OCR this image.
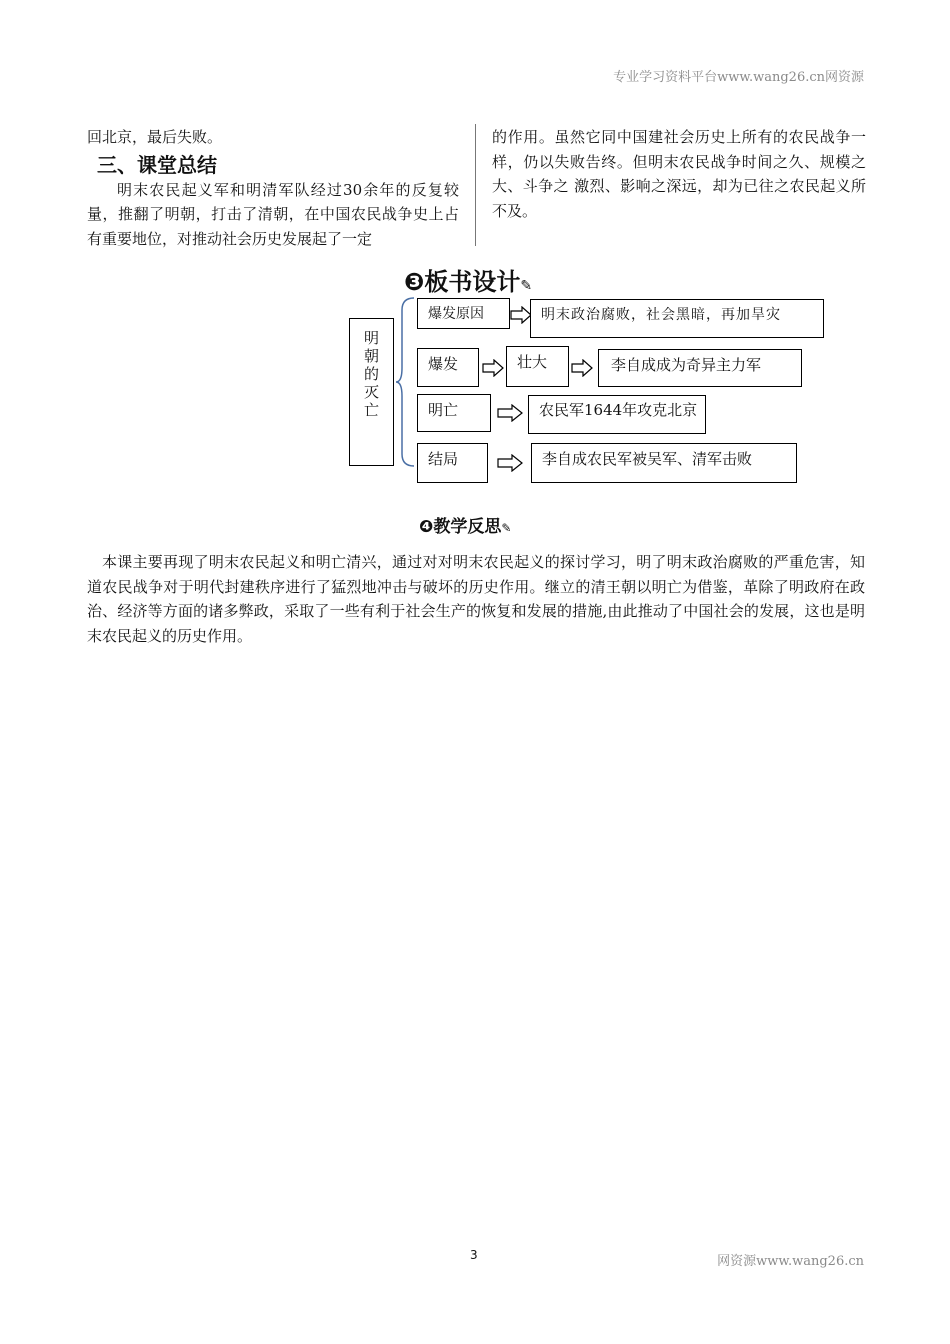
专业学习资料平台www.wang26.cn网资源
回北京，最后失败。
三、课堂总结
明末农民起义军和明清军队经过30余年的反复较量，推翻了明朝，打击了清朝，在中国农民战争史上占有重要地位，对推动社会历史发展起了一定
的作用。虽然它同中国建社会历史上所有的农民战争一样，仍以失败告终。但明末农民战争时间之久、规模之大、斗争之 激烈、影响之深远，却为已往之农民起义所不及。
❸板书设计✎
明朝的灭亡
爆发原因	明末政治腐败，社会黑暗，再加旱灾
爆发	壮大	李自成成为奇异主力军
明亡	农民军1644年攻克北京
结局	李自成农民军被吴军、清军击败
❹教学反思✎
本课主要再现了明末农民起义和明亡清兴，通过对对明末农民起义的探讨学习，明了明末政治腐败的严重危害，知道农民战争对于明代封建秩序进行了猛烈地冲击与破坏的历史作用。继立的清王朝以明亡为借鉴，革除了明政府在政治、经济等方面的诸多弊政，采取了一些有利于社会生产的恢复和发展的措施,由此推动了中国社会的发展，这也是明末农民起义的历史作用。
3	网资源www.wang26.cn
